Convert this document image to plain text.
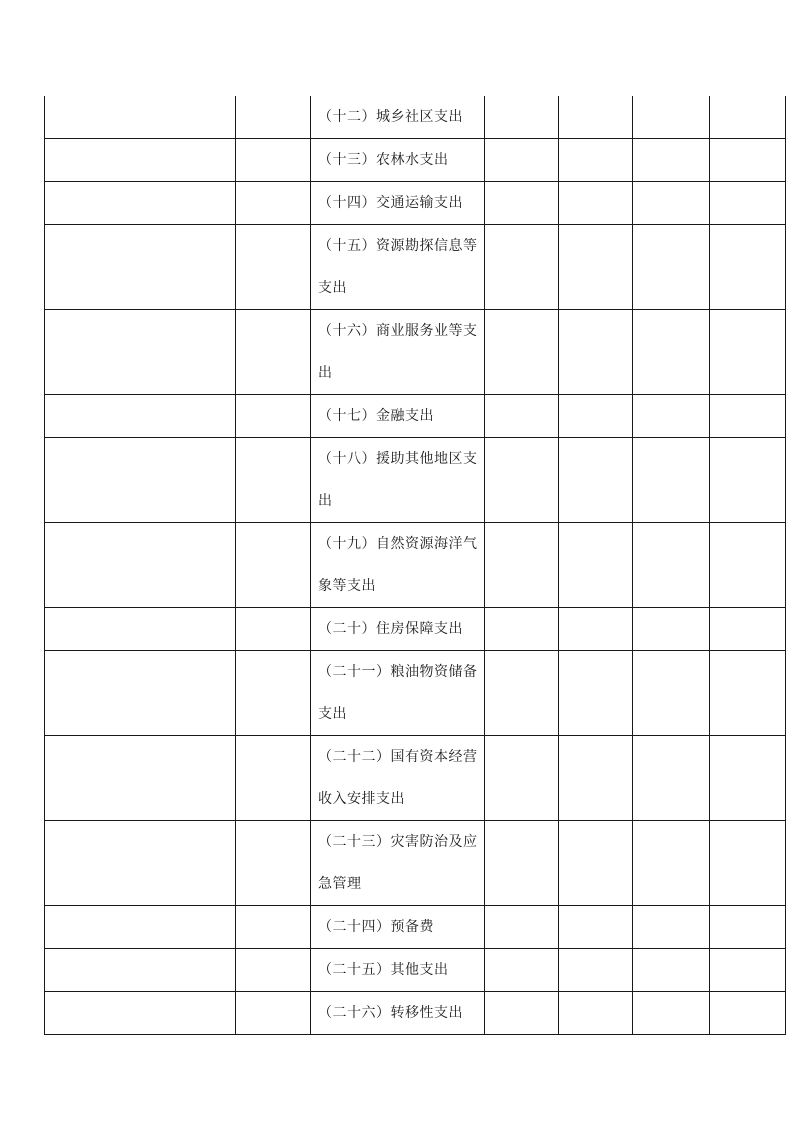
		（十二）城乡社区支出				

		（十三）农林水支出				

		（十四）交通运输支出				

		（十五）资源勘探信息等支出				

		（十六）商业服务业等支出				

		（十七）金融支出				

		（十八）援助其他地区支出				

		（十九）自然资源海洋气象等支出				

		（二十）住房保障支出				

		（二十一）粮油物资储备支出				

		（二十二）国有资本经营收入安排支出				

		（二十三）灾害防治及应急管理				

		（二十四）预备费				

		（二十五）其他支出				

		（二十六）转移性支出				
